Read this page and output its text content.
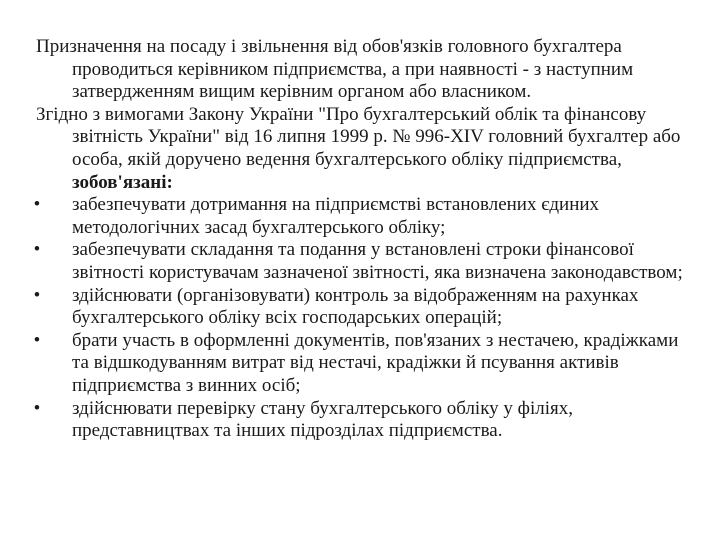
Призначення на посаду і звільнення від обов'язків головного бухгалтера проводиться керівником підприємства, а при наявності - з наступним затвердженням вищим керівним органом або власником.

Згідно з вимогами Закону України "Про бухгалтерський облік та фінансову звітність України" від 16 липня 1999 р. № 996-XIV головний бухгалтер або особа, якій доручено ведення бухгалтерського обліку підприємства, зобов'язані:

•	забезпечувати дотримання на підприємстві встановлених єдиних методологічних засад бухгалтерського обліку;
•	забезпечувати складання та подання у встановлені строки фінансової звітності користувачам зазначеної звітності, яка визначена законодавством;
•	здійснювати (організовувати) контроль за відображенням на рахунках бухгалтерського обліку всіх господарських операцій;
•	брати участь в оформленні документів, пов'язаних з нестачею, крадіжками та відшкодуванням витрат від нестачі, крадіжки й псування активів підприємства з винних осіб;
•	здійснювати перевірку стану бухгалтерського обліку у філіях, представництвах та інших підрозділах підприємства.
